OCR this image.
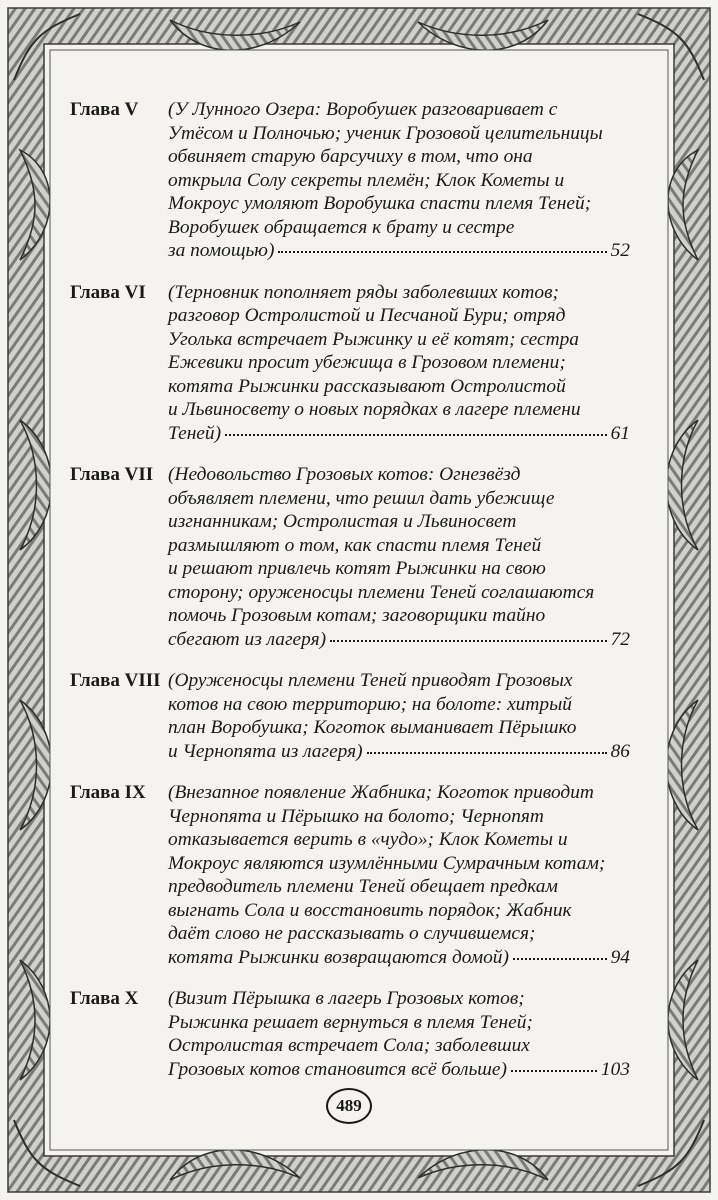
Глава V	(У Лунного Озера: Воробушек разговаривает с
Утёсом и Полночью; ученик Грозовой целительницы
обвиняет старую барсучиху в том, что она
открыла Солу секреты племён; Клок Кометы и
Мокроус умоляют Воробушка спасти племя Теней;
Воробушек обращается к брату и сестре
за помощью)	52

Глава VI	(Терновник пополняет ряды заболевших котов;
разговор Остролистой и Песчаной Бури; отряд
Уголька встречает Рыжинку и её котят; сестра
Ежевики просит убежища в Грозовом племени;
котята Рыжинки рассказывают Остролистой
и Львиносвету о новых порядках в лагере племени
Теней)	61

Глава VII (Недовольство Грозовых котов: Огнезвёзд
объявляет племени, что решил дать убежище
изгнанникам; Остролистая и Львиносвет
размышляют о том, как спасти племя Теней
и решают привлечь котят Рыжинки на свою
сторону; оруженосцы племени Теней соглашаются
помочь Грозовым котам; заговорщики тайно
сбегают из лагеря)	72

Глава VIII (Оруженосцы племени Теней приводят Грозовых
котов на свою территорию; на болоте: хитрый
план Воробушка; Коготок выманивает Пёрышко
и Чернопята из лагеря)	86

Глава IX	(Внезапное появление Жабника; Коготок приводит
Чернопята и Пёрышко на болото; Чернопят
отказывается верить в «чудо»; Клок Кометы и
Мокроус являются изумлёнными Сумрачным котам;
предводитель племени Теней обещает предкам
выгнать Сола и восстановить порядок; Жабник
даёт слово не рассказывать о случившемся;
котята Рыжинки возвращаются домой)	94

Глава X	(Визит Пёрышка в лагерь Грозовых котов;
Рыжинка решает вернуться в племя Теней;
Остролистая встречает Сола; заболевших
Грозовых котов становится всё больше)	103

489
